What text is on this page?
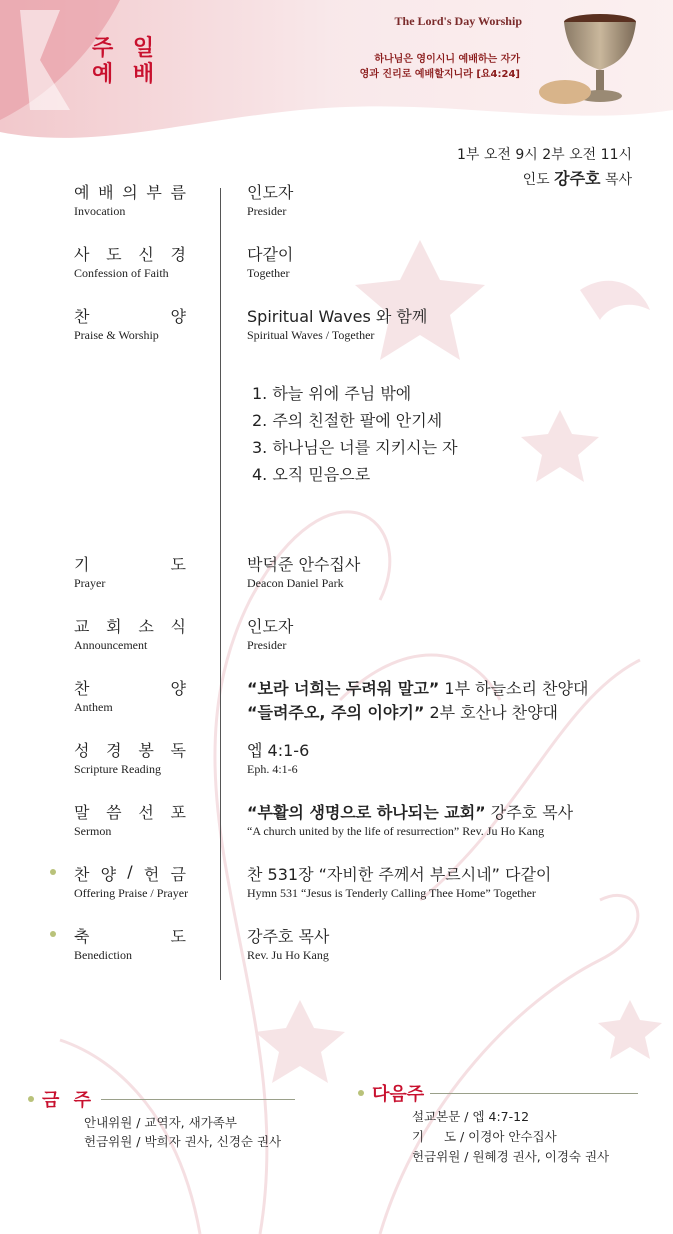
주 일
예 배
The Lord's Day Worship
하나님은 영이시니 예배하는 자가
영과 진리로 예배할지니라 [요4:24]
1부 오전 9시 2부 오전 11시
인도 강주호 목사
예 배 의 부 름
Invocation
인도자
Presider
사 도 신 경
Confession of Faith
다같이
Together
찬	양
Praise & Worship
Spiritual Waves 와 함께
Spiritual Waves / Together
1. 하늘 위에 주님 밖에
2. 주의 친절한 팔에 안기세
3. 하나님은 너를 지키시는 자
4. 오직 믿음으로
기	도
Prayer
박덕준 안수집사
Deacon Daniel Park
교 회 소 식
Announcement
인도자
Presider
찬	양
Anthem
“보라 너희는 두려워 말고” 1부 하늘소리 찬양대
“들려주오, 주의 이야기” 2부 호산나 찬양대
성 경 봉 독
Scripture Reading
엡 4:1-6
Eph. 4:1-6
말 씀 선 포
Sermon
“부활의 생명으로 하나되는 교회” 강주호 목사
“A church united by the life of resurrection” Rev. Ju Ho Kang
찬 양 / 헌 금
Offering Praise / Prayer
찬 531장 “자비한 주께서 부르시네” 다같이
Hymn 531 “Jesus is Tenderly Calling Thee Home” Together
축	도
Benediction
강주호 목사
Rev. Ju Ho Kang
금 주
안내위원 / 교역자, 새가족부
헌금위원 / 박희자 권사, 신경순 권사
다음주
설교본문 / 엡 4:7-12
기     도 / 이경아 안수집사
헌금위원 / 원혜경 권사, 이경숙 권사
